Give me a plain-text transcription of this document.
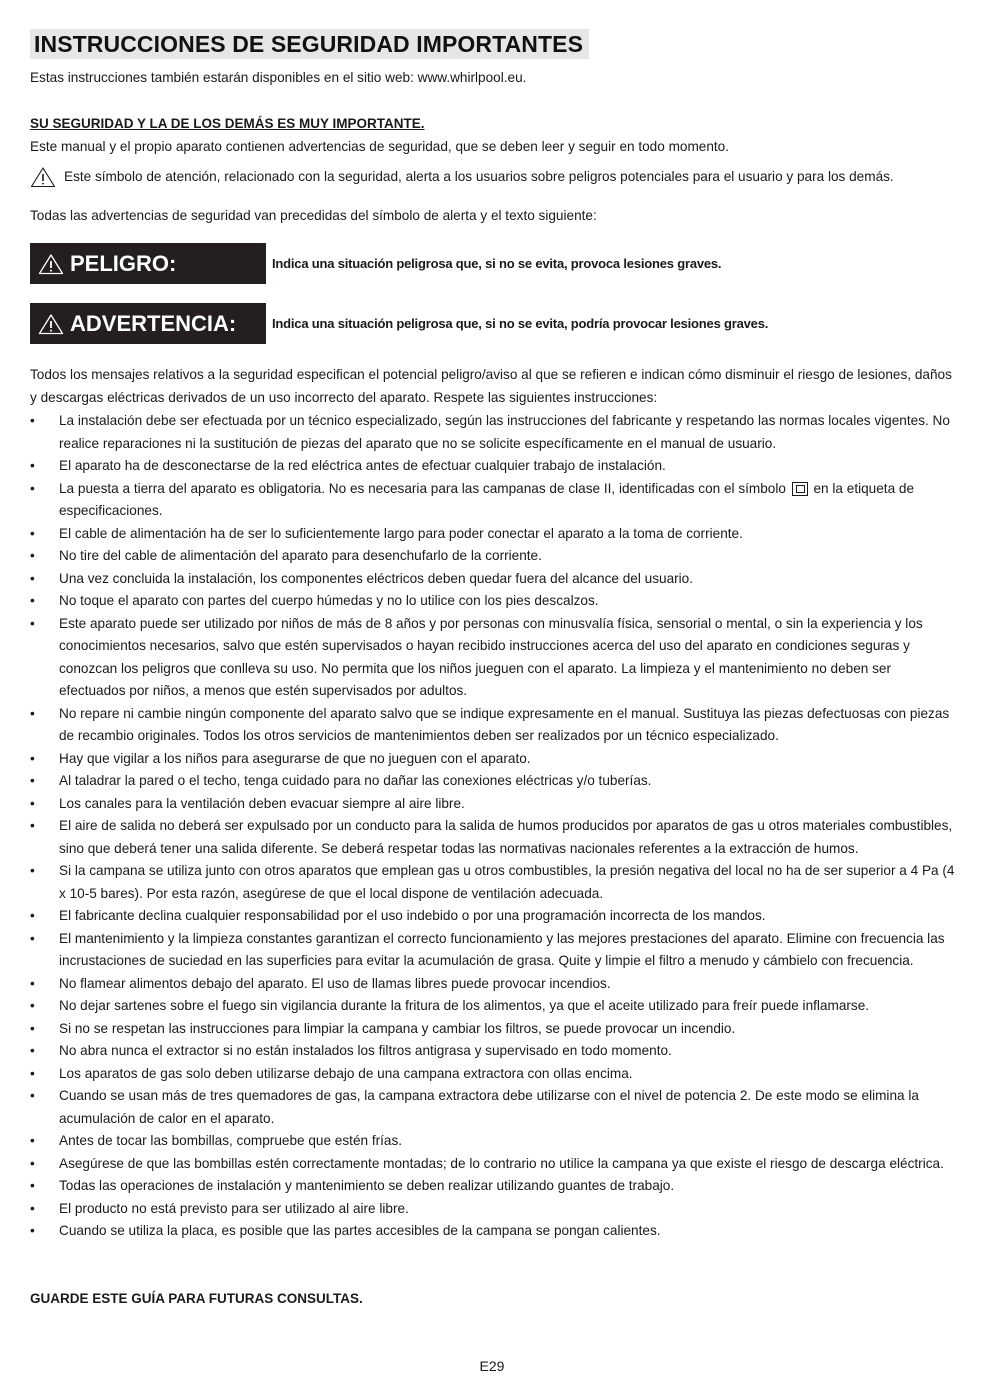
INSTRUCCIONES DE SEGURIDAD IMPORTANTES
Estas instrucciones también estarán disponibles en el sitio web: www.whirlpool.eu.
SU SEGURIDAD Y LA DE LOS DEMÁS ES MUY IMPORTANTE.
Este manual y el propio aparato contienen advertencias de seguridad, que se deben leer y seguir en todo momento.
Este símbolo de atención, relacionado con la seguridad, alerta a los usuarios sobre peligros potenciales para el usuario y para los demás.
Todas las advertencias de seguridad van precedidas del símbolo de alerta y el texto siguiente:
PELIGRO:	Indica una situación peligrosa que, si no se evita, provoca lesiones graves.
ADVERTENCIA:	Indica una situación peligrosa que, si no se evita, podría provocar lesiones graves.
Todos los mensajes relativos a la seguridad especifican el potencial peligro/aviso al que se refieren e indican cómo disminuir el riesgo de lesiones, daños y descargas eléctricas derivados de un uso incorrecto del aparato. Respete las siguientes instrucciones:
• La instalación debe ser efectuada por un técnico especializado, según las instrucciones del fabricante y respetando las normas locales vigentes. No realice reparaciones ni la sustitución de piezas del aparato que no se solicite específicamente en el manual de usuario.
• El aparato ha de desconectarse de la red eléctrica antes de efectuar cualquier trabajo de instalación.
• La puesta a tierra del aparato es obligatoria. No es necesaria para las campanas de clase II, identificadas con el símbolo en la etiqueta de especificaciones.
• El cable de alimentación ha de ser lo suficientemente largo para poder conectar el aparato a la toma de corriente.
• No tire del cable de alimentación del aparato para desenchufarlo de la corriente.
• Una vez concluida la instalación, los componentes eléctricos deben quedar fuera del alcance del usuario.
• No toque el aparato con partes del cuerpo húmedas y no lo utilice con los pies descalzos.
• Este aparato puede ser utilizado por niños de más de 8 años y por personas con minusvalía física, sensorial o mental, o sin la experiencia y los conocimientos necesarios, salvo que estén supervisados o hayan recibido instrucciones acerca del uso del aparato en condiciones seguras y conozcan los peligros que conlleva su uso. No permita que los niños jueguen con el aparato. La limpieza y el mantenimiento no deben ser efectuados por niños, a menos que estén supervisados por adultos.
• No repare ni cambie ningún componente del aparato salvo que se indique expresamente en el manual. Sustituya las piezas defectuosas con piezas de recambio originales. Todos los otros servicios de mantenimientos deben ser realizados por un técnico especializado.
• Hay que vigilar a los niños para asegurarse de que no jueguen con el aparato.
• Al taladrar la pared o el techo, tenga cuidado para no dañar las conexiones eléctricas y/o tuberías.
• Los canales para la ventilación deben evacuar siempre al aire libre.
• El aire de salida no deberá ser expulsado por un conducto para la salida de humos producidos por aparatos de gas u otros materiales combustibles, sino que deberá tener una salida diferente. Se deberá respetar todas las normativas nacionales referentes a la extracción de humos.
• Si la campana se utiliza junto con otros aparatos que emplean gas u otros combustibles, la presión negativa del local no ha de ser superior a 4 Pa (4 x 10-5 bares). Por esta razón, asegúrese de que el local dispone de ventilación adecuada.
• El fabricante declina cualquier responsabilidad por el uso indebido o por una programación incorrecta de los mandos.
• El mantenimiento y la limpieza constantes garantizan el correcto funcionamiento y las mejores prestaciones del aparato. Elimine con frecuencia las incrustaciones de suciedad en las superficies para evitar la acumulación de grasa. Quite y limpie el filtro a menudo y cámbielo con frecuencia.
• No flamear alimentos debajo del aparato. El uso de llamas libres puede provocar incendios.
• No dejar sartenes sobre el fuego sin vigilancia durante la fritura de los alimentos, ya que el aceite utilizado para freír puede inflamarse.
• Si no se respetan las instrucciones para limpiar la campana y cambiar los filtros, se puede provocar un incendio.
• No abra nunca el extractor si no están instalados los filtros antigrasa y supervisado en todo momento.
• Los aparatos de gas solo deben utilizarse debajo de una campana extractora con ollas encima.
• Cuando se usan más de tres quemadores de gas, la campana extractora debe utilizarse con el nivel de potencia 2. De este modo se elimina la acumulación de calor en el aparato.
• Antes de tocar las bombillas, compruebe que estén frías.
• Asegúrese de que las bombillas estén correctamente montadas; de lo contrario no utilice la campana ya que existe el riesgo de descarga eléctrica.
• Todas las operaciones de instalación y mantenimiento se deben realizar utilizando guantes de trabajo.
• El producto no está previsto para ser utilizado al aire libre.
• Cuando se utiliza la placa, es posible que las partes accesibles de la campana se pongan calientes.
GUARDE ESTE GUÍA PARA FUTURAS CONSULTAS.
E29
